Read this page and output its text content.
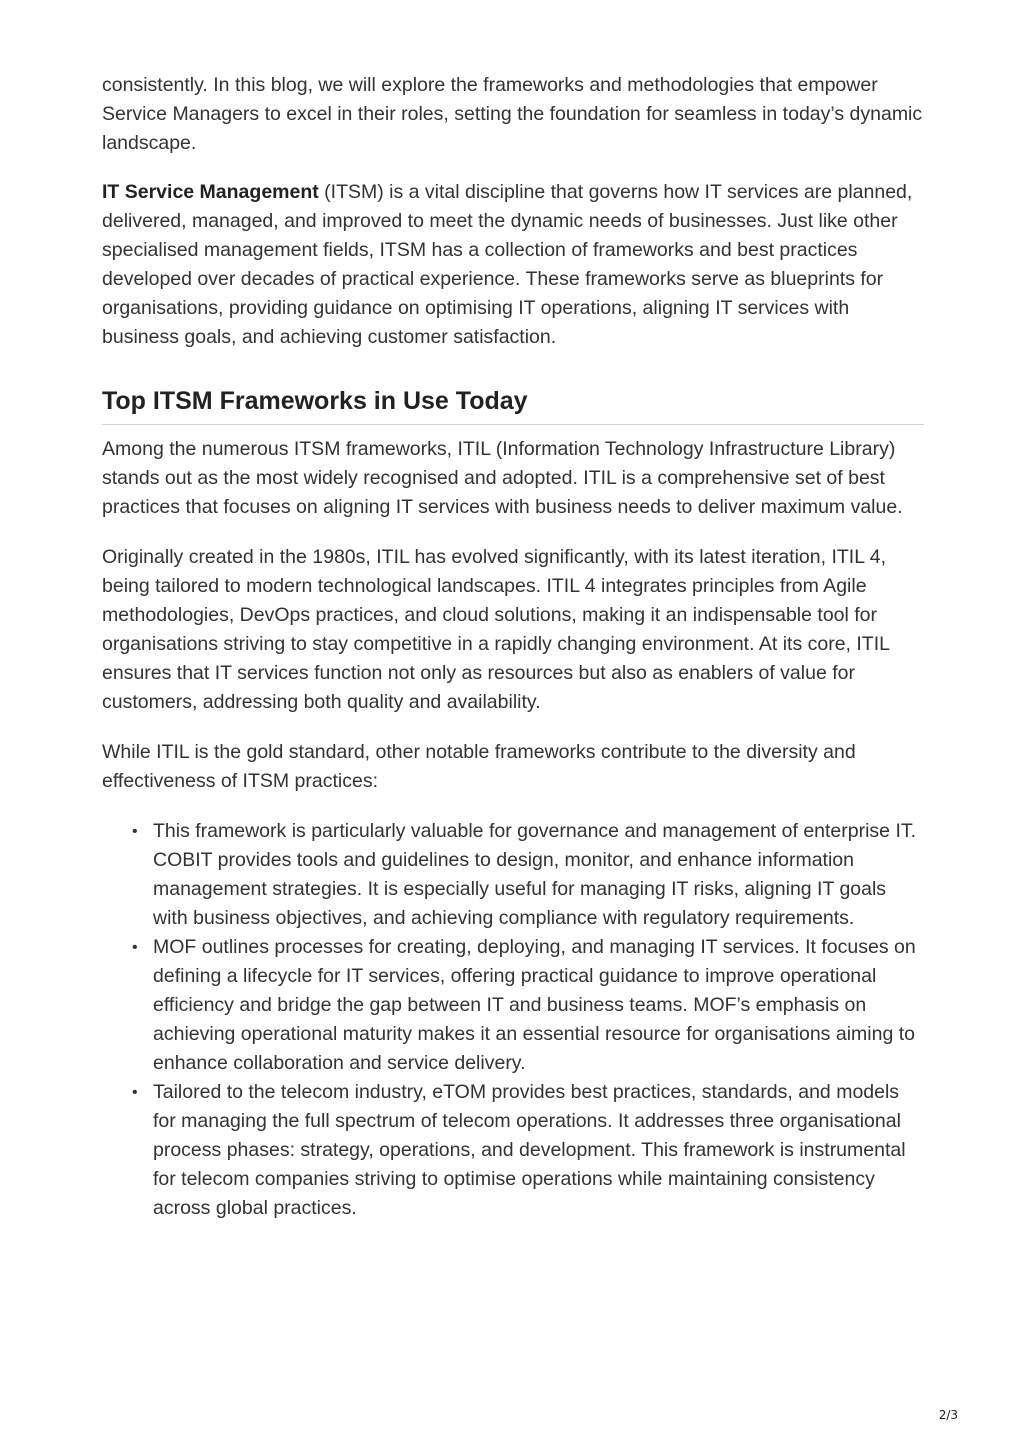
consistently. In this blog, we will explore the frameworks and methodologies that empower Service Managers to excel in their roles, setting the foundation for seamless in today’s dynamic landscape.

IT Service Management (ITSM) is a vital discipline that governs how IT services are planned, delivered, managed, and improved to meet the dynamic needs of businesses. Just like other specialised management fields, ITSM has a collection of frameworks and best practices developed over decades of practical experience. These frameworks serve as blueprints for organisations, providing guidance on optimising IT operations, aligning IT services with business goals, and achieving customer satisfaction.

Top ITSM Frameworks in Use Today

Among the numerous ITSM frameworks, ITIL (Information Technology Infrastructure Library) stands out as the most widely recognised and adopted. ITIL is a comprehensive set of best practices that focuses on aligning IT services with business needs to deliver maximum value.

Originally created in the 1980s, ITIL has evolved significantly, with its latest iteration, ITIL 4, being tailored to modern technological landscapes. ITIL 4 integrates principles from Agile methodologies, DevOps practices, and cloud solutions, making it an indispensable tool for organisations striving to stay competitive in a rapidly changing environment. At its core, ITIL ensures that IT services function not only as resources but also as enablers of value for customers, addressing both quality and availability.

While ITIL is the gold standard, other notable frameworks contribute to the diversity and effectiveness of ITSM practices:

• This framework is particularly valuable for governance and management of enterprise IT. COBIT provides tools and guidelines to design, monitor, and enhance information management strategies. It is especially useful for managing IT risks, aligning IT goals with business objectives, and achieving compliance with regulatory requirements.
• MOF outlines processes for creating, deploying, and managing IT services. It focuses on defining a lifecycle for IT services, offering practical guidance to improve operational efficiency and bridge the gap between IT and business teams. MOF’s emphasis on achieving operational maturity makes it an essential resource for organisations aiming to enhance collaboration and service delivery.
• Tailored to the telecom industry, eTOM provides best practices, standards, and models for managing the full spectrum of telecom operations. It addresses three organisational process phases: strategy, operations, and development. This framework is instrumental for telecom companies striving to optimise operations while maintaining consistency across global practices.
2/3
